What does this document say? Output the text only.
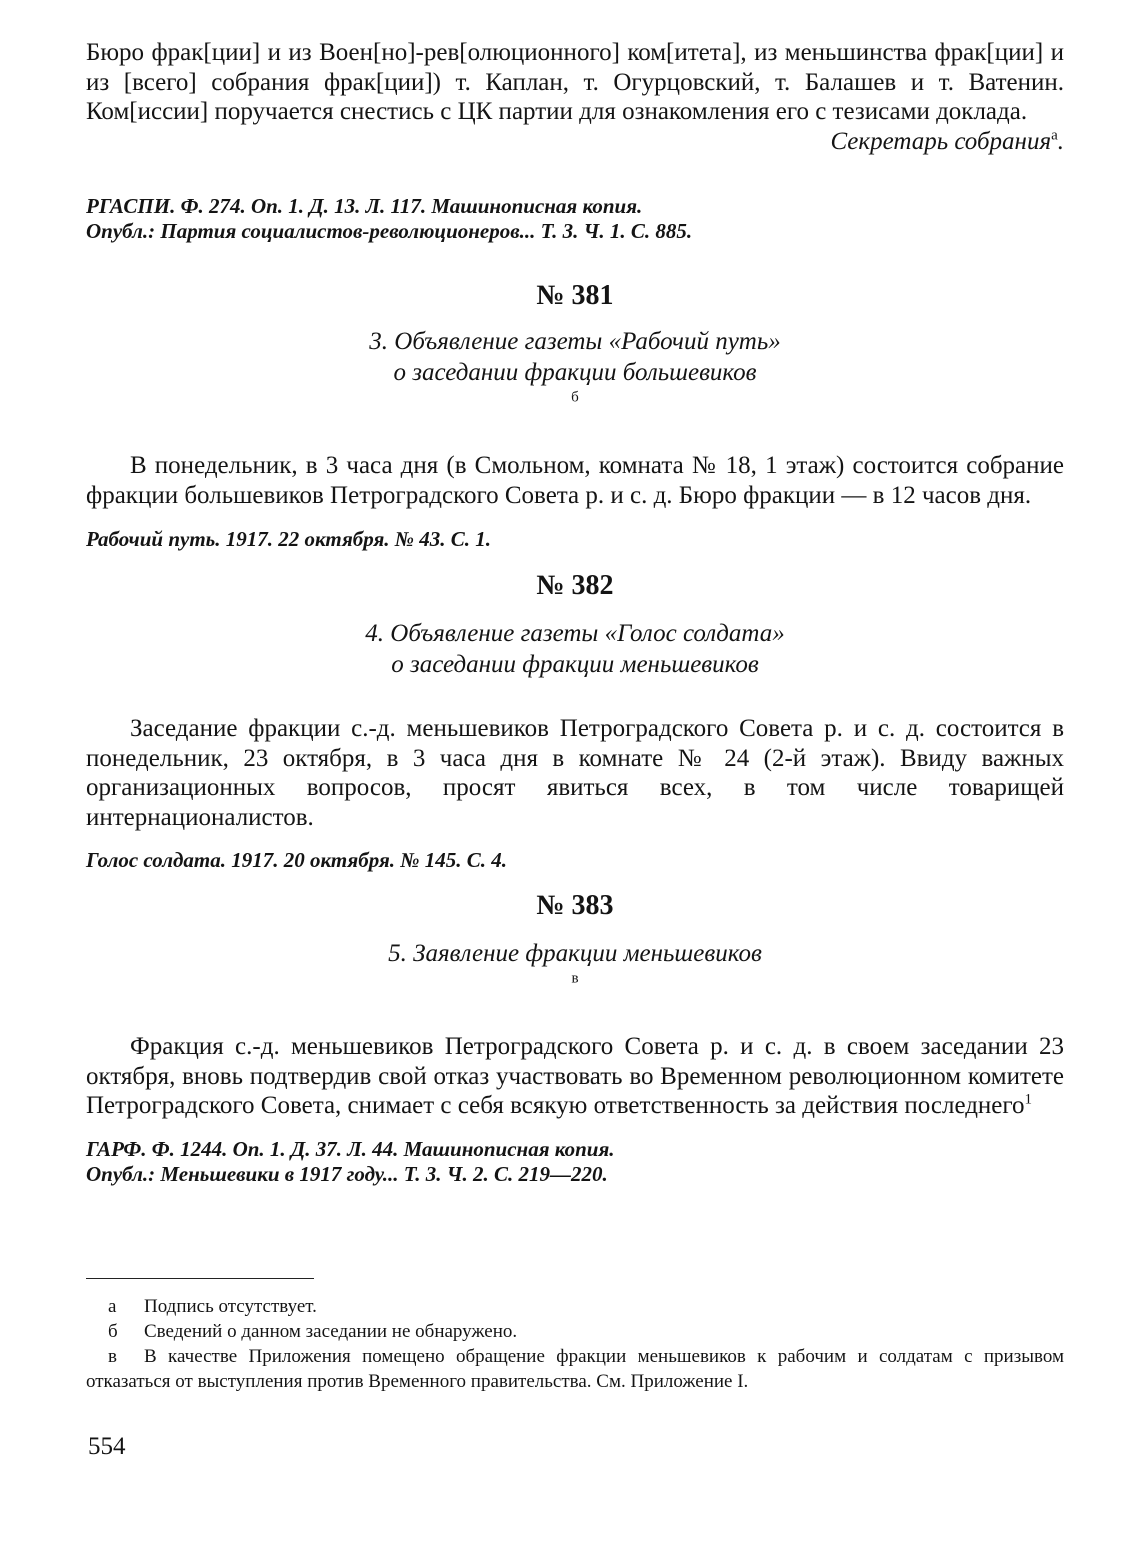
Бюро фрак[ции] и из Воен[но]-рев[олюционного] ком[итета], из меньшинства фрак[ции] и из [всего] собрания фрак[ции]) т. Каплан, т. Огурцовский, т. Балашев и т. Ватенин. Ком[иссии] поручается снестись с ЦК партии для ознакомления его с тезисами доклада.

Секретарь собрания$^а$.

РГАСПИ. Ф. 274. Оп. 1. Д. 13. Л. 117. Машинописная копия.

Опубл.: Партия социалистов-революционеров... Т. 3. Ч. 1. С. 885.

№ 381

3. Объявление газеты «Рабочий путь»
о заседании фракции большевиков
$^б$

В понедельник, в 3 часа дня (в Смольном, комната № 18, 1 этаж) состоится собрание фракции большевиков Петроградского Совета р. и с. д. Бюро фракции — в 12 часов дня.

Рабочий путь. 1917. 22 октября. № 43. С. 1.

№ 382

4. Объявление газеты «Голос солдата»
о заседании фракции меньшевиков

Заседание фракции с.-д. меньшевиков Петроградского Совета р. и с. д. состоится в понедельник, 23 октября, в 3 часа дня в комнате № 24 (2-й этаж). Ввиду важных организационных вопросов, просят явиться всех, в том числе товарищей интернационалистов.

Голос солдата. 1917. 20 октября. № 145. С. 4.

№ 383

5. Заявление фракции меньшевиков
$^в$

Фракция с.-д. меньшевиков Петроградского Совета р. и с. д. в своем заседании 23 октября, вновь подтвердив свой отказ участвовать во Временном революционном комитете Петроградского Совета, снимает с себя всякую ответственность за действия последнего$^1$

ГАРФ. Ф. 1244. Оп. 1. Д. 37. Л. 44. Машинописная копия.

Опубл.: Меньшевики в 1917 году... Т. 3. Ч. 2. С. 219—220.

а Подпись отсутствует.

б Сведений о данном заседании не обнаружено.

в В качестве Приложения помещено обращение фракции меньшевиков к рабочим и солдатам с призывом отказаться от выступления против Временного правительства. См. Приложение I.

554
